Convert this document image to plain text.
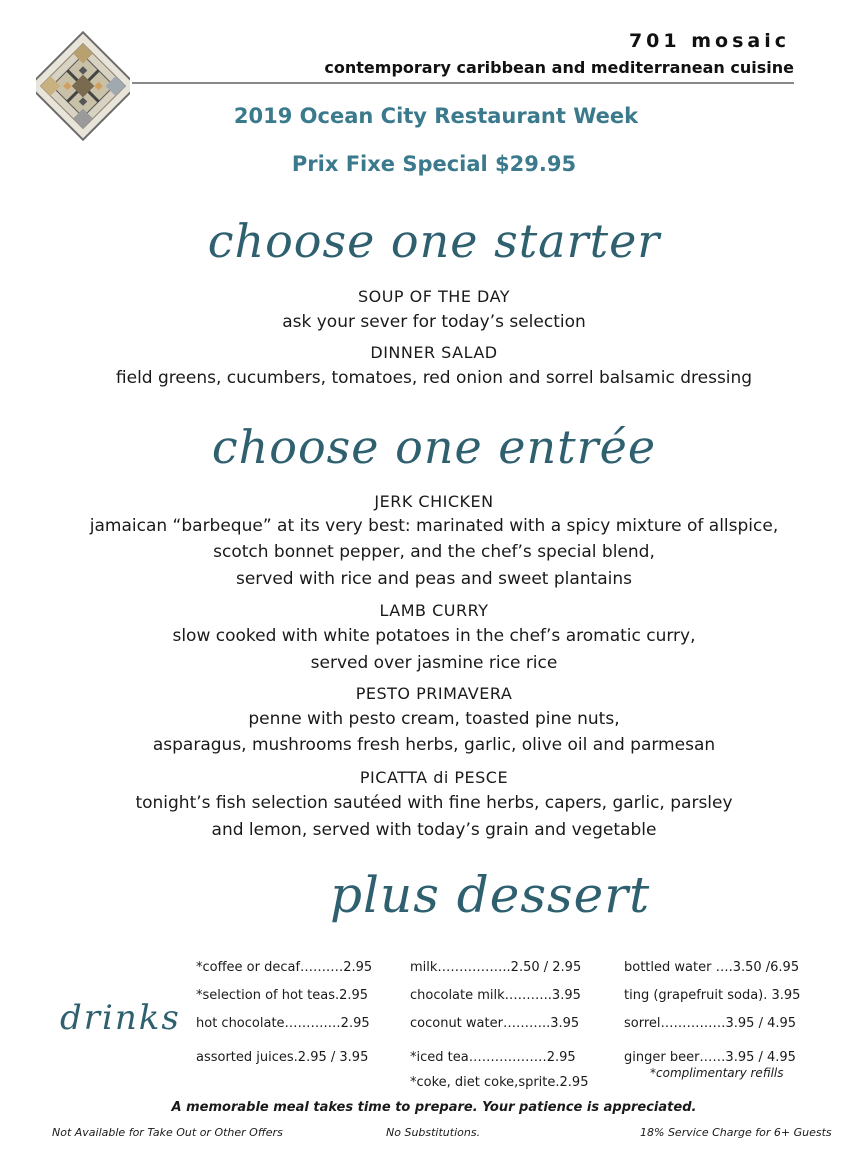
701 mosaic
contemporary caribbean and mediterranean cuisine
2019 Ocean City Restaurant Week
Prix Fixe Special $29.95
choose one starter
SOUP OF THE DAY
ask your sever for today’s selection
DINNER SALAD
field greens, cucumbers, tomatoes, red onion and sorrel balsamic dressing
choose one entrée
JERK CHICKEN
jamaican “barbeque” at its very best: marinated with a spicy mixture of allspice,
scotch bonnet pepper, and the chef’s special blend,
served with rice and peas and sweet plantains
LAMB CURRY
slow cooked with white potatoes in the chef’s aromatic curry,
served over jasmine rice rice
PESTO PRIMAVERA
penne with pesto cream, toasted pine nuts,
asparagus, mushrooms fresh herbs, garlic, olive oil and parmesan
PICATTA di PESCE
tonight’s fish selection sautéed with fine herbs, capers, garlic, parsley
and lemon, served with today’s grain and vegetable
plus dessert
drinks
*coffee or decaf…….…2.95
*selection of hot teas.2.95
hot chocolate……….…2.95
assorted juices.2.95 / 3.95
milk……………..2.50 / 2.95
chocolate milk………..3.95
coconut water………..3.95
*iced tea………………2.95
*coke, diet coke,sprite.2.95
bottled water ….3.50 /6.95
ting (grapefruit soda). 3.95
sorrel……………3.95 / 4.95
ginger beer……3.95 / 4.95
*complimentary refills
A memorable meal takes time to prepare. Your patience is appreciated.
Not Available for Take Out or Other Offers	No Substitutions.	18% Service Charge for 6+ Guests
